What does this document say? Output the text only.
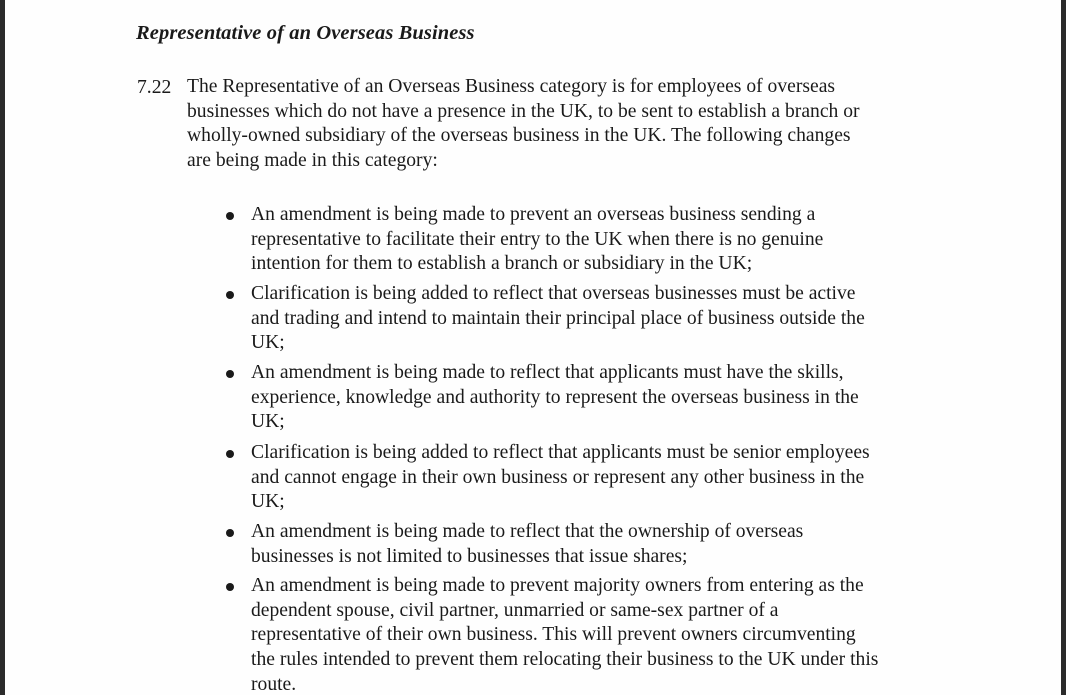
Representative of an Overseas Business
7.22 The Representative of an Overseas Business category is for employees of overseas
businesses which do not have a presence in the UK, to be sent to establish a branch or
wholly-owned subsidiary of the overseas business in the UK. The following changes
are being made in this category:
An amendment is being made to prevent an overseas business sending a
representative to facilitate their entry to the UK when there is no genuine
intention for them to establish a branch or subsidiary in the UK;
Clarification is being added to reflect that overseas businesses must be active
and trading and intend to maintain their principal place of business outside the
UK;
An amendment is being made to reflect that applicants must have the skills,
experience, knowledge and authority to represent the overseas business in the
UK;
Clarification is being added to reflect that applicants must be senior employees
and cannot engage in their own business or represent any other business in the
UK;
An amendment is being made to reflect that the ownership of overseas
businesses is not limited to businesses that issue shares;
An amendment is being made to prevent majority owners from entering as the
dependent spouse, civil partner, unmarried or same-sex partner of a
representative of their own business. This will prevent owners circumventing
the rules intended to prevent them relocating their business to the UK under this
route.
